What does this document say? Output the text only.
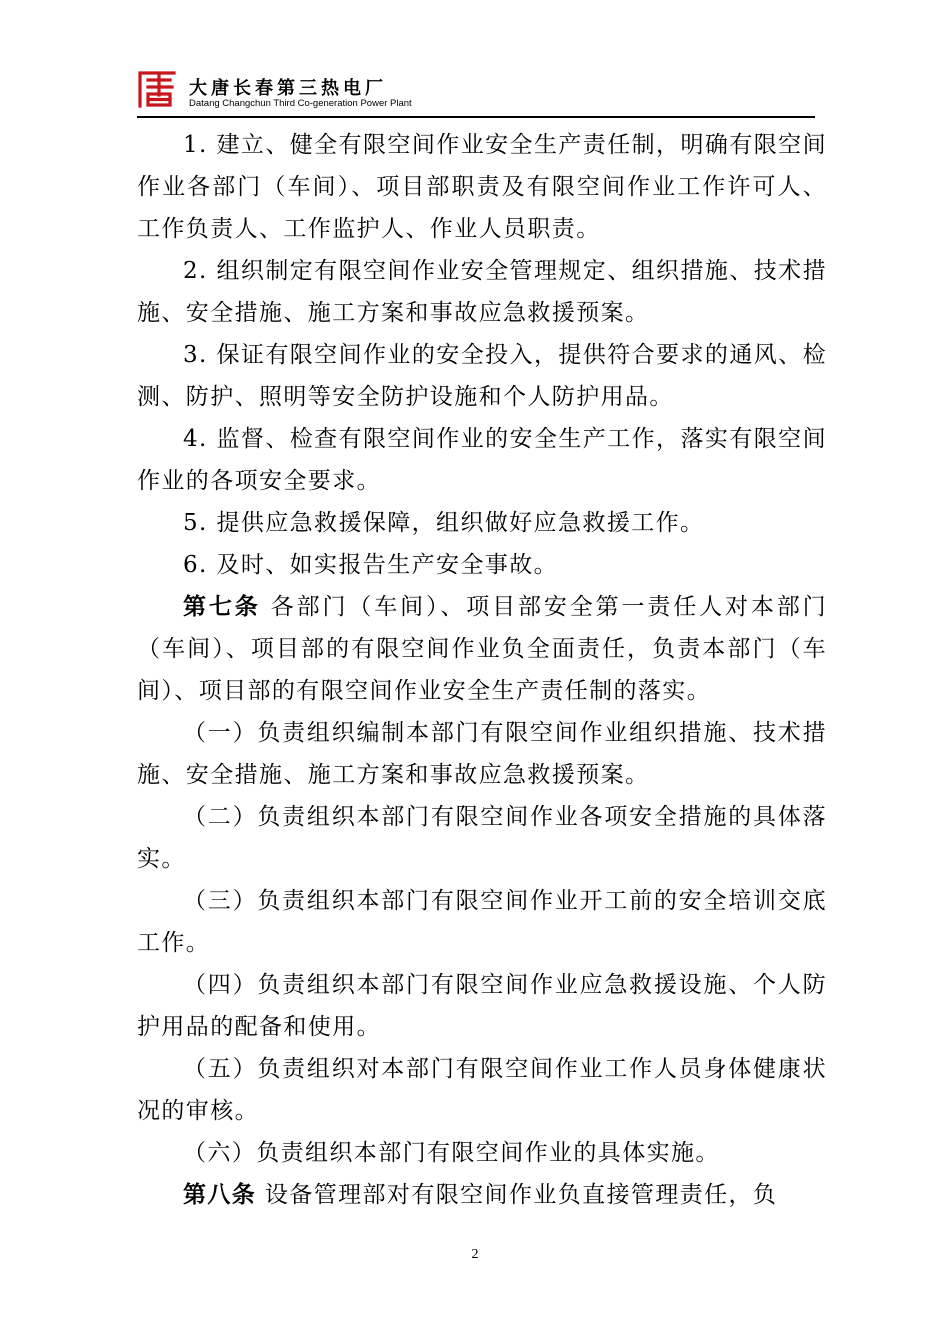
大唐长春第三热电厂
Datang Changchun Third Co-generation Power Plant

1. 建立、健全有限空间作业安全生产责任制，明确有限空间作业各部门（车间）、项目部职责及有限空间作业工作许可人、工作负责人、工作监护人、作业人员职责。

2. 组织制定有限空间作业安全管理规定、组织措施、技术措施、安全措施、施工方案和事故应急救援预案。

3. 保证有限空间作业的安全投入，提供符合要求的通风、检测、防护、照明等安全防护设施和个人防护用品。

4. 监督、检查有限空间作业的安全生产工作，落实有限空间作业的各项安全要求。

5. 提供应急救援保障，组织做好应急救援工作。

6. 及时、如实报告生产安全事故。

第七条 各部门（车间）、项目部安全第一责任人对本部门（车间）、项目部的有限空间作业负全面责任，负责本部门（车间）、项目部的有限空间作业安全生产责任制的落实。

（一）负责组织编制本部门有限空间作业组织措施、技术措施、安全措施、施工方案和事故应急救援预案。

（二）负责组织本部门有限空间作业各项安全措施的具体落实。

（三）负责组织本部门有限空间作业开工前的安全培训交底工作。

（四）负责组织本部门有限空间作业应急救援设施、个人防护用品的配备和使用。

（五）负责组织对本部门有限空间作业工作人员身体健康状况的审核。

（六）负责组织本部门有限空间作业的具体实施。

第八条 设备管理部对有限空间作业负直接管理责任，负

2
